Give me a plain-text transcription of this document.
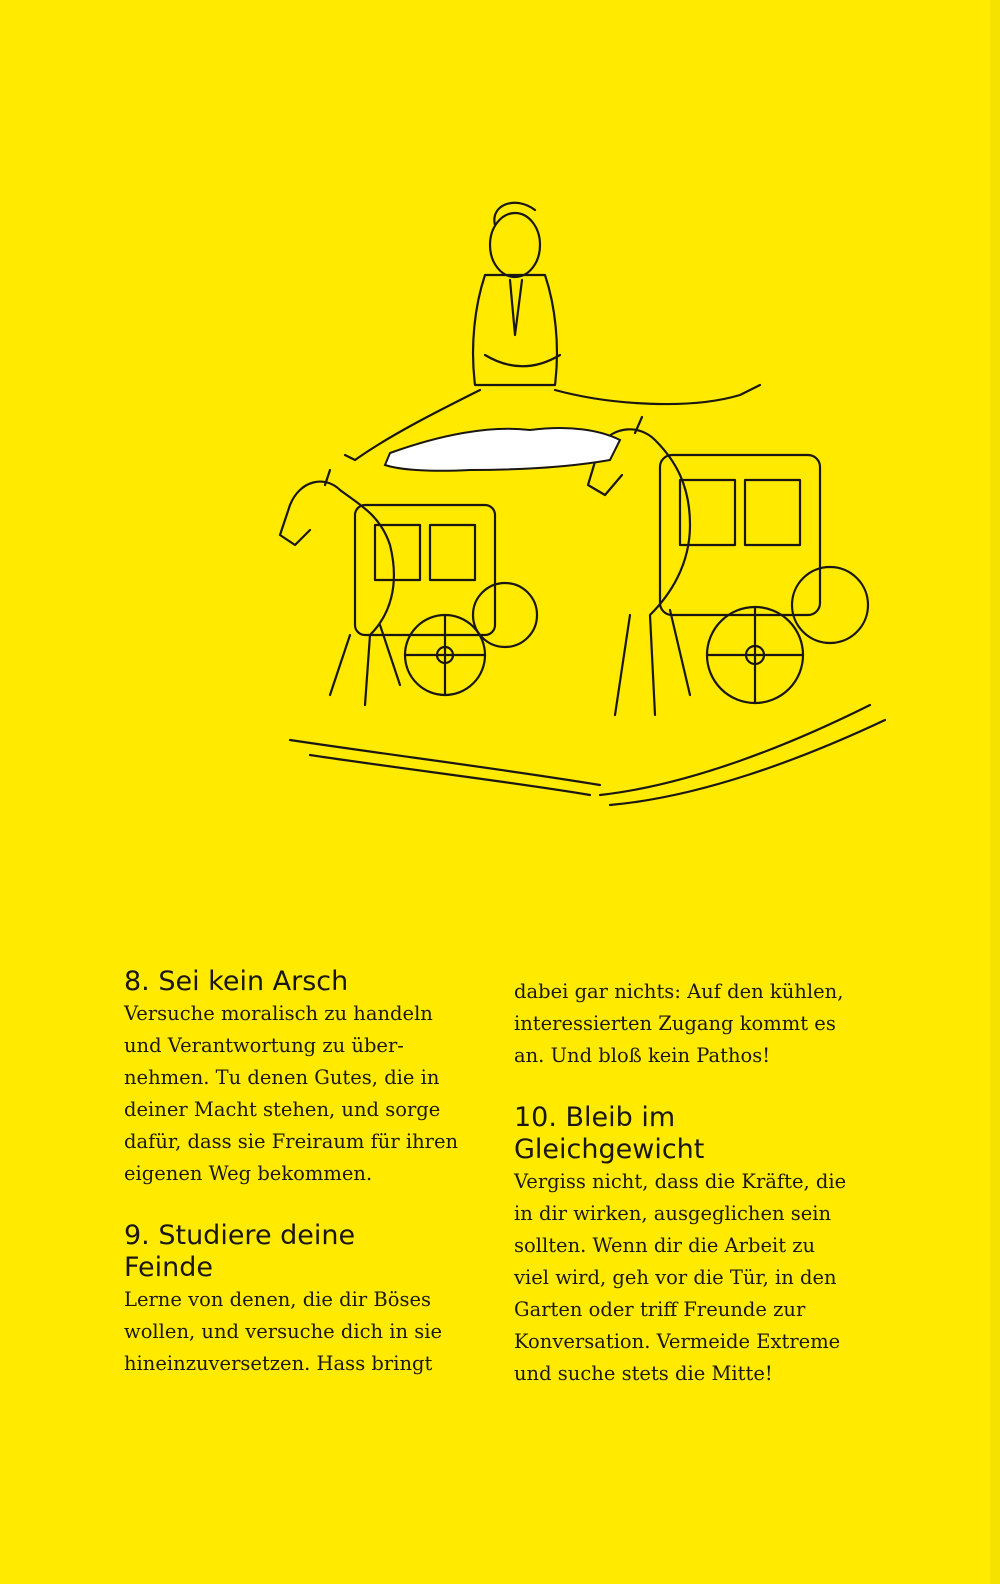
8. Sei kein Arsch

Versuche moralisch zu handeln
und Verantwortung zu über-
nehmen. Tu denen Gutes, die in
deiner Macht stehen, und sorge
dafür, dass sie Freiraum für ihren
eigenen Weg bekommen.

9. Studiere deine
Feinde

Lerne von denen, die dir Böses
wollen, und versuche dich in sie
hineinzuversetzen. Hass bringt

dabei gar nichts: Auf den kühlen,
interessierten Zugang kommt es
an. Und bloß kein Pathos!

10. Bleib im
Gleichgewicht

Vergiss nicht, dass die Kräfte, die
in dir wirken, ausgeglichen sein
sollten. Wenn dir die Arbeit zu
viel wird, geh vor die Tür, in den
Garten oder triff Freunde zur
Konversation. Vermeide Extreme
und suche stets die Mitte!
